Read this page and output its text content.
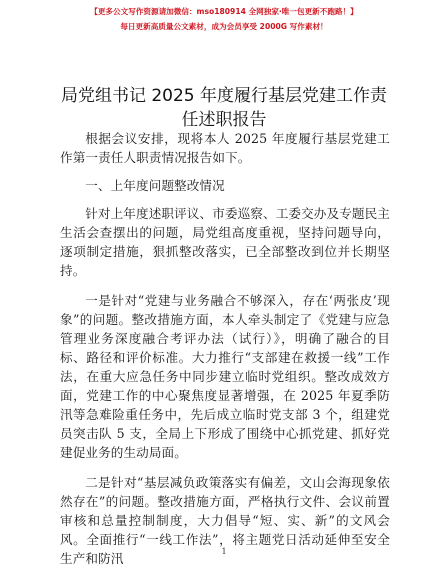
【更多公文写作资源请加微信：mso180914 全网独家·唯一包更新不跑路！】
每日更新高质量公文素材，成为会员享受 2000G 写作素材！
局党组书记 2025 年度履行基层党建工作责任述职报告

根据会议安排，现将本人 2025 年度履行基层党建工作第一责任人职责情况报告如下。

一、上年度问题整改情况

针对上年度述职评议、市委巡察、工委交办及专题民主生活会查摆出的问题，局党组高度重视，坚持问题导向，逐项制定措施，狠抓整改落实，已全部整改到位并长期坚持。

一是针对“党建与业务融合不够深入，存在‘两张皮’现象”的问题。整改措施方面，本人牵头制定了《党建与应急管理业务深度融合考评办法（试行）》，明确了融合的目标、路径和评价标准。大力推行“支部建在救援一线”工作法，在重大应急任务中同步建立临时党组织。整改成效方面，党建工作的中心聚焦度显著增强，在 2025 年夏季防汛等急难险重任务中，先后成立临时党支部 3 个，组建党员突击队 5 支，全局上下形成了围绕中心抓党建、抓好党建促业务的生动局面。

二是针对“基层减负政策落实有偏差，文山会海现象依然存在”的问题。整改措施方面，严格执行文件、会议前置审核和总量控制制度，大力倡导“短、实、新”的文风会风。全面推行“一线工作法”，将主题党日活动延伸至安全生产和防汛	1
